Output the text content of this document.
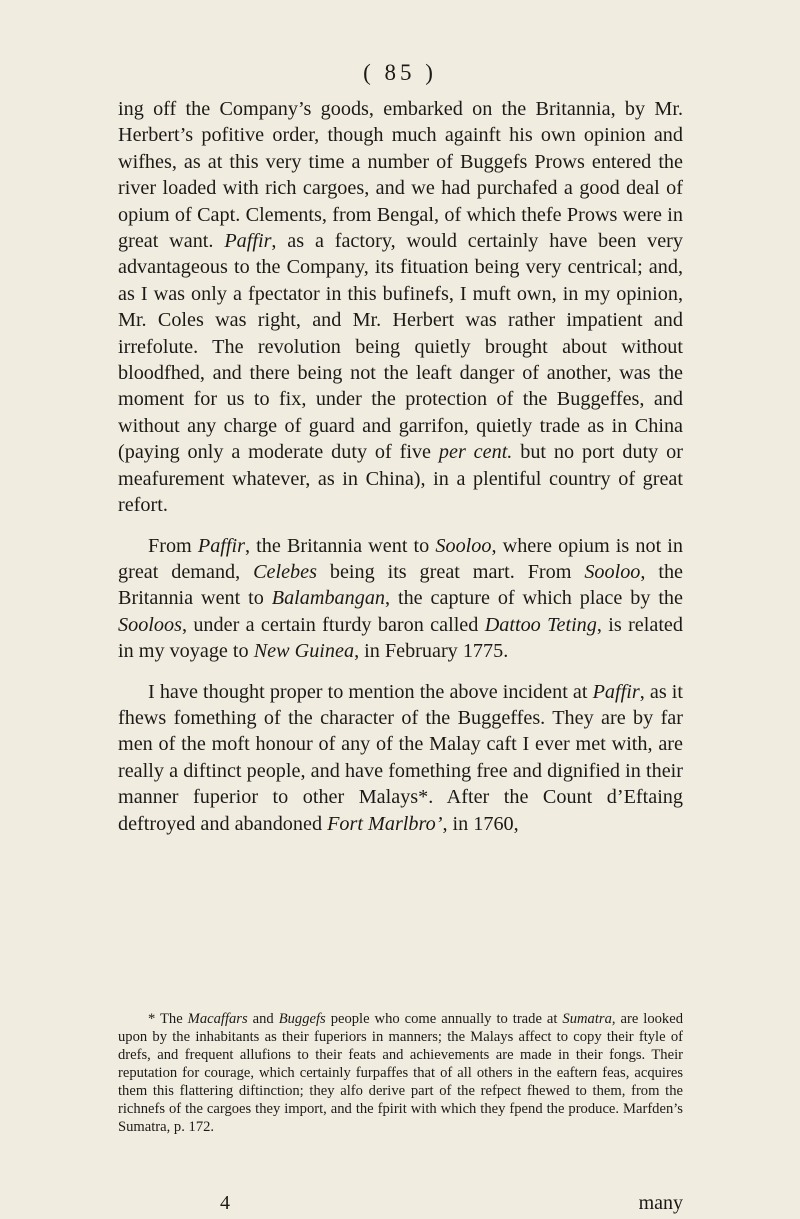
( 85 )

ing off the Company’s goods, embarked on the Britannia, by Mr. Herbert’s pofitive order, though much againft his own opinion and wifhes, as at this very time a number of Buggefs Prows entered the river loaded with rich cargoes, and we had purchafed a good deal of opium of Capt. Clements, from Bengal, of which thefe Prows were in great want. Paffir, as a factory, would certainly have been very advantageous to the Company, its fituation being very centrical; and, as I was only a fpectator in this bufinefs, I muft own, in my opinion, Mr. Coles was right, and Mr. Herbert was rather impatient and irrefolute. The revolution being quietly brought about without bloodfhed, and there being not the leaft danger of another, was the moment for us to fix, under the protection of the Buggeffes, and without any charge of guard and garrifon, quietly trade as in China (paying only a moderate duty of five per cent. but no port duty or meafurement whatever, as in China), in a plentiful country of great refort.

From Paffir, the Britannia went to Sooloo, where opium is not in great demand, Celebes being its great mart. From Sooloo, the Britannia went to Balambangan, the capture of which place by the Sooloos, under a certain fturdy baron called Dattoo Teting, is related in my voyage to New Guinea, in February 1775.

I have thought proper to mention the above incident at Paffir, as it fhews fomething of the character of the Buggeffes. They are by far men of the moft honour of any of the Malay caft I ever met with, are really a diftinct people, and have fomething free and dignified in their manner fuperior to other Malays*. After the Count d’Eftaing deftroyed and abandoned Fort Marlbro’, in 1760,

* The Macaffars and Buggefs people who come annually to trade at Sumatra, are looked upon by the inhabitants as their fuperiors in manners; the Malays affect to copy their ftyle of drefs, and frequent allufions to their feats and achievements are made in their fongs. Their reputation for courage, which certainly furpaffes that of all others in the eaftern feas, acquires them this flattering diftinction; they alfo derive part of the refpect fhewed to them, from the richnefs of the cargoes they import, and the fpirit with which they fpend the produce. Marfden’s Sumatra, p. 172.

4	many
